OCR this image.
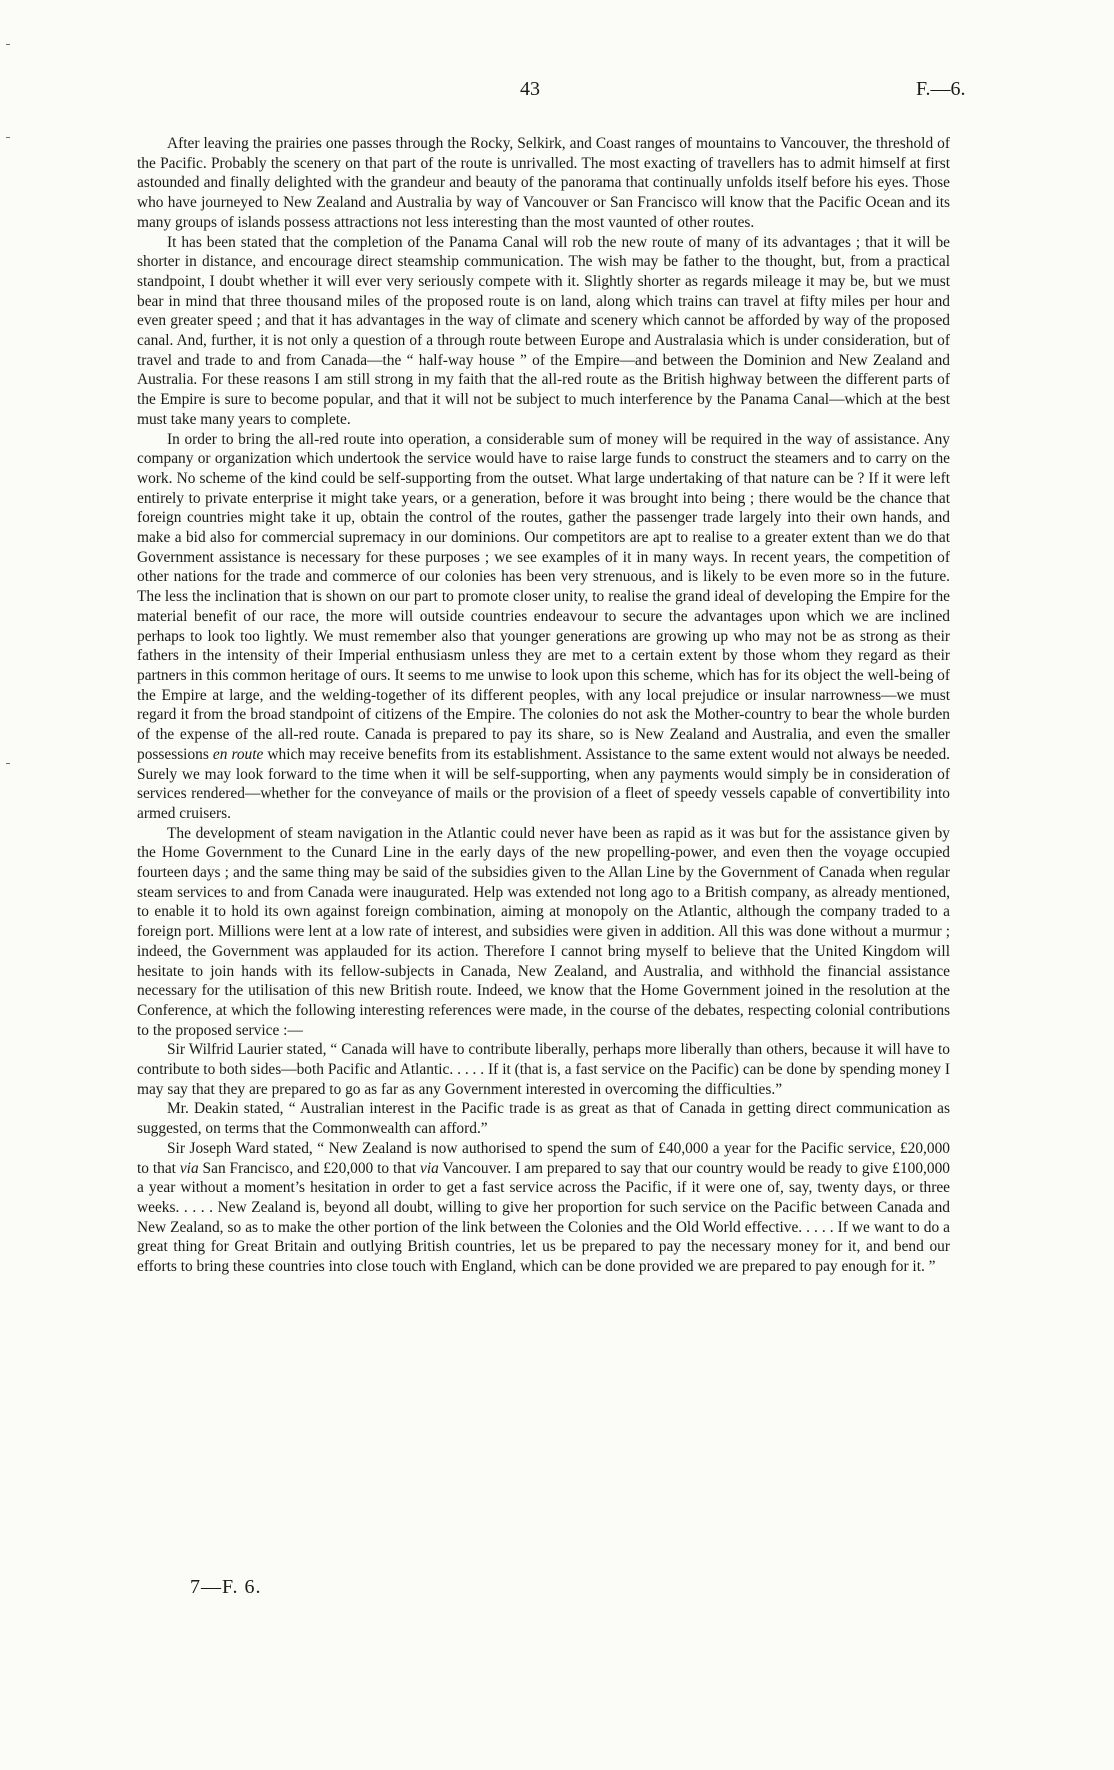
43	F.—6.

After leaving the prairies one passes through the Rocky, Selkirk, and Coast ranges of mountains to Vancouver, the threshold of the Pacific. Probably the scenery on that part of the route is unrivalled. The most exacting of travellers has to admit himself at first astounded and finally delighted with the grandeur and beauty of the panorama that continually unfolds itself before his eyes. Those who have journeyed to New Zealand and Australia by way of Vancouver or San Francisco will know that the Pacific Ocean and its many groups of islands possess attractions not less interesting than the most vaunted of other routes.

It has been stated that the completion of the Panama Canal will rob the new route of many of its advantages ; that it will be shorter in distance, and encourage direct steamship communication. The wish may be father to the thought, but, from a practical standpoint, I doubt whether it will ever very seriously compete with it. Slightly shorter as regards mileage it may be, but we must bear in mind that three thousand miles of the proposed route is on land, along which trains can travel at fifty miles per hour and even greater speed ; and that it has advantages in the way of climate and scenery which cannot be afforded by way of the proposed canal. And, further, it is not only a question of a through route between Europe and Australasia which is under consideration, but of travel and trade to and from Canada—the “ half-way house ” of the Empire—and between the Dominion and New Zealand and Australia. For these reasons I am still strong in my faith that the all-red route as the British highway between the different parts of the Empire is sure to become popular, and that it will not be subject to much interference by the Panama Canal—which at the best must take many years to complete.

In order to bring the all-red route into operation, a considerable sum of money will be required in the way of assistance. Any company or organization which undertook the service would have to raise large funds to construct the steamers and to carry on the work. No scheme of the kind could be self-supporting from the outset. What large undertaking of that nature can be ? If it were left entirely to private enterprise it might take years, or a generation, before it was brought into being ; there would be the chance that foreign countries might take it up, obtain the control of the routes, gather the passenger trade largely into their own hands, and make a bid also for commercial supremacy in our dominions. Our competitors are apt to realise to a greater extent than we do that Government assistance is necessary for these purposes ; we see examples of it in many ways. In recent years, the competition of other nations for the trade and commerce of our colonies has been very strenuous, and is likely to be even more so in the future. The less the inclination that is shown on our part to promote closer unity, to realise the grand ideal of developing the Empire for the material benefit of our race, the more will outside countries endeavour to secure the advantages upon which we are inclined perhaps to look too lightly. We must remember also that younger generations are growing up who may not be as strong as their fathers in the intensity of their Imperial enthusiasm unless they are met to a certain extent by those whom they regard as their partners in this common heritage of ours. It seems to me unwise to look upon this scheme, which has for its object the well-being of the Empire at large, and the welding-together of its different peoples, with any local prejudice or insular narrowness—we must regard it from the broad standpoint of citizens of the Empire. The colonies do not ask the Mother-country to bear the whole burden of the expense of the all-red route. Canada is prepared to pay its share, so is New Zealand and Australia, and even the smaller possessions en route which may receive benefits from its establishment. Assistance to the same extent would not always be needed. Surely we may look forward to the time when it will be self-supporting, when any payments would simply be in consideration of services rendered—whether for the conveyance of mails or the provision of a fleet of speedy vessels capable of convertibility into armed cruisers.

The development of steam navigation in the Atlantic could never have been as rapid as it was but for the assistance given by the Home Government to the Cunard Line in the early days of the new propelling-power, and even then the voyage occupied fourteen days ; and the same thing may be said of the subsidies given to the Allan Line by the Government of Canada when regular steam services to and from Canada were inaugurated. Help was extended not long ago to a British company, as already mentioned, to enable it to hold its own against foreign combination, aiming at monopoly on the Atlantic, although the company traded to a foreign port. Millions were lent at a low rate of interest, and subsidies were given in addition. All this was done without a murmur ; indeed, the Government was applauded for its action. Therefore I cannot bring myself to believe that the United Kingdom will hesitate to join hands with its fellow-subjects in Canada, New Zealand, and Australia, and withhold the financial assistance necessary for the utilisation of this new British route. Indeed, we know that the Home Government joined in the resolution at the Conference, at which the following interesting references were made, in the course of the debates, respecting colonial contributions to the proposed service :—

Sir Wilfrid Laurier stated, “ Canada will have to contribute liberally, perhaps more liberally than others, because it will have to contribute to both sides—both Pacific and Atlantic. . . . . If it (that is, a fast service on the Pacific) can be done by spending money I may say that they are prepared to go as far as any Government interested in overcoming the difficulties.”

Mr. Deakin stated, “ Australian interest in the Pacific trade is as great as that of Canada in getting direct communication as suggested, on terms that the Commonwealth can afford.”

Sir Joseph Ward stated, “ New Zealand is now authorised to spend the sum of £40,000 a year for the Pacific service, £20,000 to that via San Francisco, and £20,000 to that via Vancouver. I am prepared to say that our country would be ready to give £100,000 a year without a moment’s hesitation in order to get a fast service across the Pacific, if it were one of, say, twenty days, or three weeks. . . . . New Zealand is, beyond all doubt, willing to give her proportion for such service on the Pacific between Canada and New Zealand, so as to make the other portion of the link between the Colonies and the Old World effective. . . . . If we want to do a great thing for Great Britain and outlying British countries, let us be prepared to pay the necessary money for it, and bend our efforts to bring these countries into close touch with England, which can be done provided we are prepared to pay enough for it. ”

7—F. 6.
